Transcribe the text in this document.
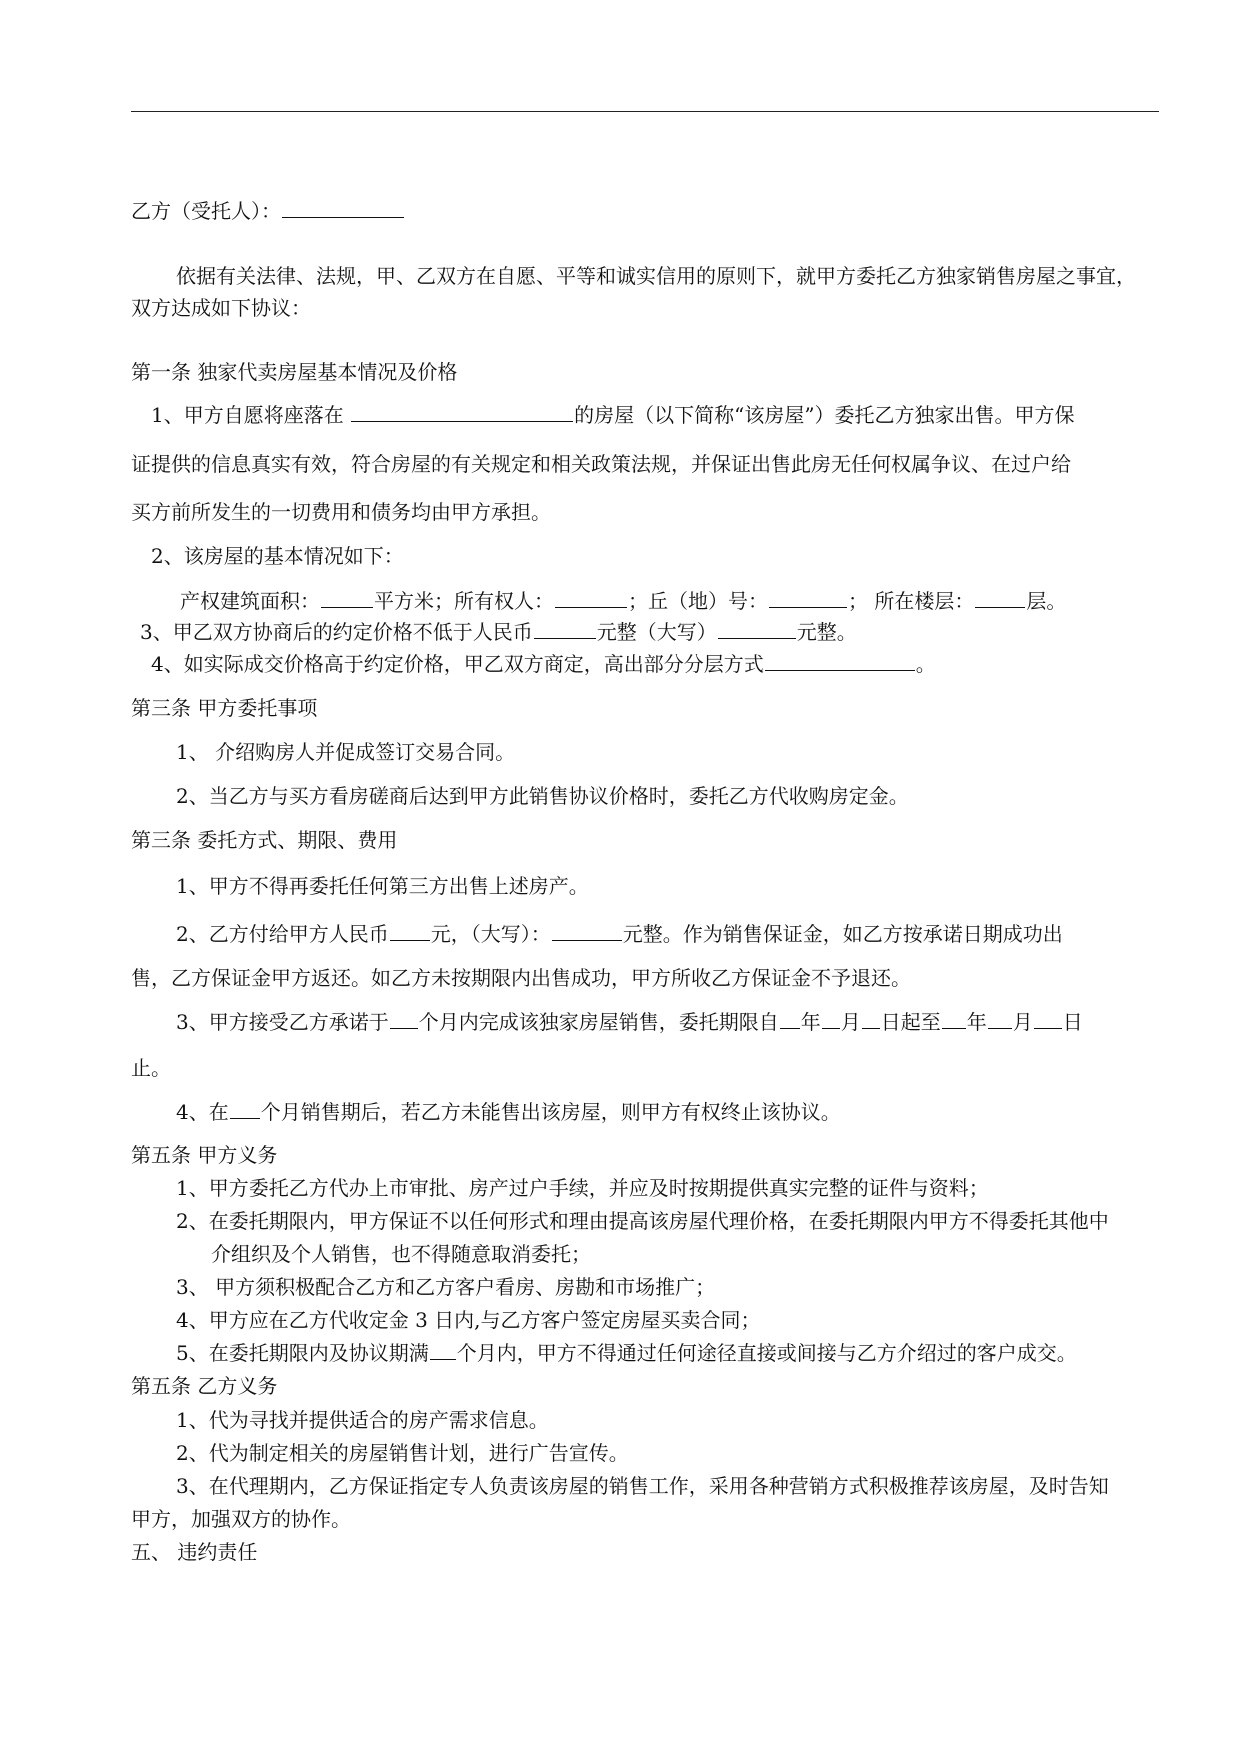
乙方（受托人）：
依据有关法律、法规，甲、乙双方在自愿、平等和诚实信用的原则下，就甲方委托乙方独家销售房屋之事宜，
双方达成如下协议：
第一条 独家代卖房屋基本情况及价格
1、甲方自愿将座落在	的房屋（以下简称“该房屋”）委托乙方独家出售。甲方保
证提供的信息真实有效，符合房屋的有关规定和相关政策法规，并保证出售此房无任何权属争议、在过户给
买方前所发生的一切费用和债务均由甲方承担。
2、该房屋的基本情况如下：
产权建筑面积：	平方米；所有权人：	；丘（地）号：	； 所在楼层：	层。
3、甲乙双方协商后的约定价格不低于人民币	元整（大写）	元整。
4、如实际成交价格高于约定价格，甲乙双方商定，高出部分分层方式	。
第三条 甲方委托事项
1、 介绍购房人并促成签订交易合同。
2、当乙方与买方看房磋商后达到甲方此销售协议价格时，委托乙方代收购房定金。
第三条 委托方式、期限、费用
1、甲方不得再委托任何第三方出售上述房产。
2、乙方付给甲方人民币 元，（大写）：	元整。作为销售保证金，如乙方按承诺日期成功出
售，乙方保证金甲方返还。如乙方未按期限内出售成功，甲方所收乙方保证金不予退还。
3、甲方接受乙方承诺于 个月内完成该独家房屋销售，委托期限自 年 月 日起至 年 月 日
止。
4、在 个月销售期后，若乙方未能售出该房屋，则甲方有权终止该协议。
第五条 甲方义务
1、甲方委托乙方代办上市审批、房产过户手续，并应及时按期提供真实完整的证件与资料；
2、在委托期限内，甲方保证不以任何形式和理由提高该房屋代理价格，在委托期限内甲方不得委托其他中
介组织及个人销售，也不得随意取消委托；
3、 甲方须积极配合乙方和乙方客户看房、房勘和市场推广；
4、甲方应在乙方代收定金 3 日内,与乙方客户签定房屋买卖合同；
5、在委托期限内及协议期满 个月内，甲方不得通过任何途径直接或间接与乙方介绍过的客户成交。
第五条 乙方义务
1、代为寻找并提供适合的房产需求信息。
2、代为制定相关的房屋销售计划，进行广告宣传。
3、在代理期内，乙方保证指定专人负责该房屋的销售工作，采用各种营销方式积极推荐该房屋，及时告知
甲方，加强双方的协作。
五、 违约责任
